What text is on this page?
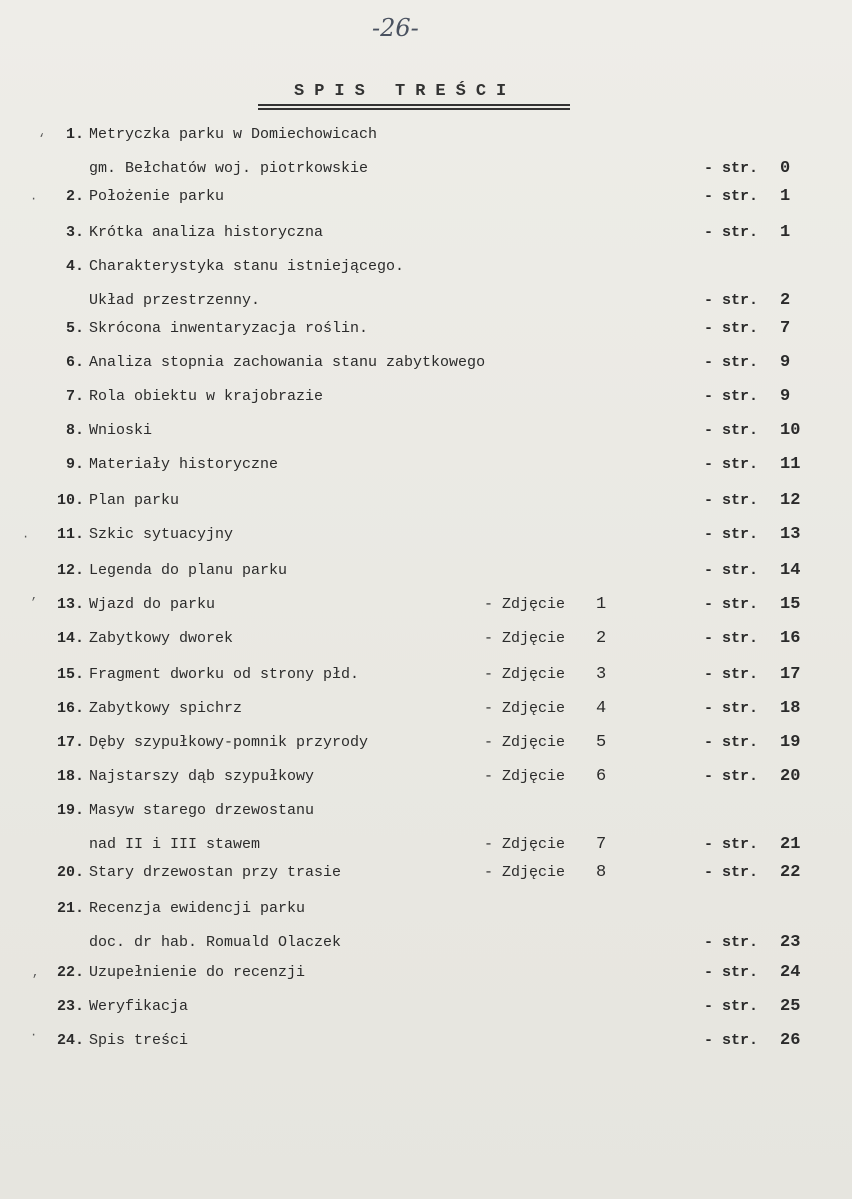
-26-
SPIS TREŚCI
‘
·
·
’
,
·
1. Metryczka parku w Domiechowicach
gm. Bełchatów woj. piotrkowskie	- str. 0
2. Położenie parku	- str. 1
3. Krótka analiza historyczna	- str. 1
4. Charakterystyka stanu istniejącego.
Układ przestrzenny.	- str. 2
5. Skrócona inwentaryzacja roślin.	- str. 7
6. Analiza stopnia zachowania stanu zabytkowego	- str. 9
7. Rola obiektu w krajobrazie	- str. 9
8. Wnioski	- str. 10
9. Materiały historyczne	- str. 11
10. Plan parku	- str. 12
11. Szkic sytuacyjny	- str. 13
12. Legenda do planu parku	- str. 14
13. Wjazd do parku	- Zdjęcie 1	- str. 15
14. Zabytkowy dworek	- Zdjęcie 2	- str. 16
15. Fragment dworku od strony płd.	- Zdjęcie 3	- str. 17
16. Zabytkowy spichrz	- Zdjęcie 4	- str. 18
17. Dęby szypułkowy-pomnik przyrody	- Zdjęcie 5	- str. 19
18. Najstarszy dąb szypułkowy	- Zdjęcie 6	- str. 20
19. Masyw starego drzewostanu
nad II i III stawem	- Zdjęcie 7	- str. 21
20. Stary drzewostan przy trasie	- Zdjęcie 8	- str. 22
21. Recenzja ewidencji parku
doc. dr hab. Romuald Olaczek	- str. 23
22. Uzupełnienie do recenzji	- str. 24
23. Weryfikacja	- str. 25
24. Spis treści	- str. 26
